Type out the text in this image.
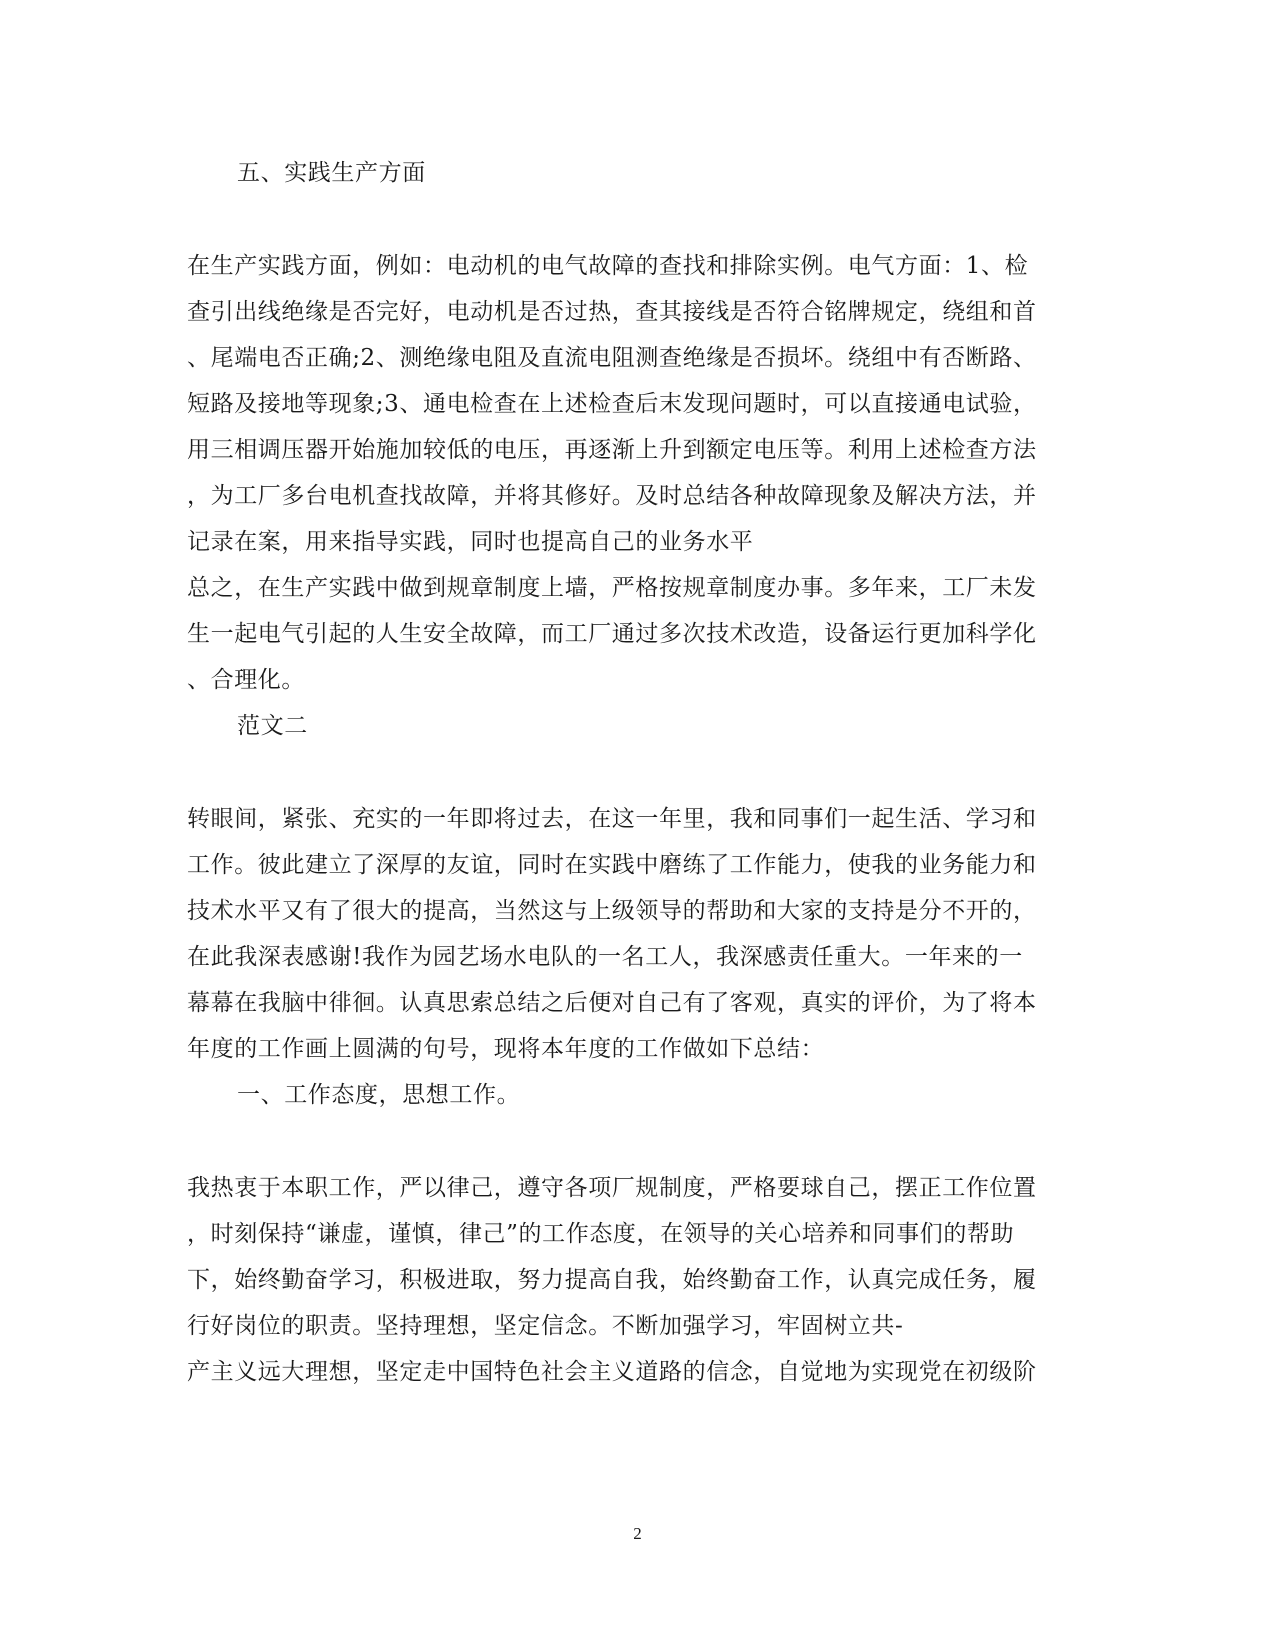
五、实践生产方面
在生产实践方面，例如：电动机的电气故障的查找和排除实例。电气方面：1、检
查引出线绝缘是否完好，电动机是否过热，查其接线是否符合铭牌规定，绕组和首
、尾端电否正确;2、测绝缘电阻及直流电阻测查绝缘是否损坏。绕组中有否断路、
短路及接地等现象;3、通电检查在上述检查后末发现问题时，可以直接通电试验，
用三相调压器开始施加较低的电压，再逐渐上升到额定电压等。利用上述检查方法
，为工厂多台电机查找故障，并将其修好。及时总结各种故障现象及解决方法，并
记录在案，用来指导实践，同时也提高自己的业务水平
总之，在生产实践中做到规章制度上墙，严格按规章制度办事。多年来，工厂未发
生一起电气引起的人生安全故障，而工厂通过多次技术改造，设备运行更加科学化
、合理化。
范文二
转眼间，紧张、充实的一年即将过去，在这一年里，我和同事们一起生活、学习和
工作。彼此建立了深厚的友谊，同时在实践中磨练了工作能力，使我的业务能力和
技术水平又有了很大的提高，当然这与上级领导的帮助和大家的支持是分不开的，
在此我深表感谢!我作为园艺场水电队的一名工人，我深感责任重大。一年来的一
幕幕在我脑中徘徊。认真思索总结之后便对自己有了客观，真实的评价，为了将本
年度的工作画上圆满的句号，现将本年度的工作做如下总结：
一、工作态度，思想工作。
我热衷于本职工作，严以律己，遵守各项厂规制度，严格要球自己，摆正工作位置
，时刻保持“谦虚，谨慎，律己”的工作态度，在领导的关心培养和同事们的帮助
下，始终勤奋学习，积极进取，努力提高自我，始终勤奋工作，认真完成任务，履
行好岗位的职责。坚持理想，坚定信念。不断加强学习，牢固树立共-
产主义远大理想，坚定走中国特色社会主义道路的信念，自觉地为实现党在初级阶
2
